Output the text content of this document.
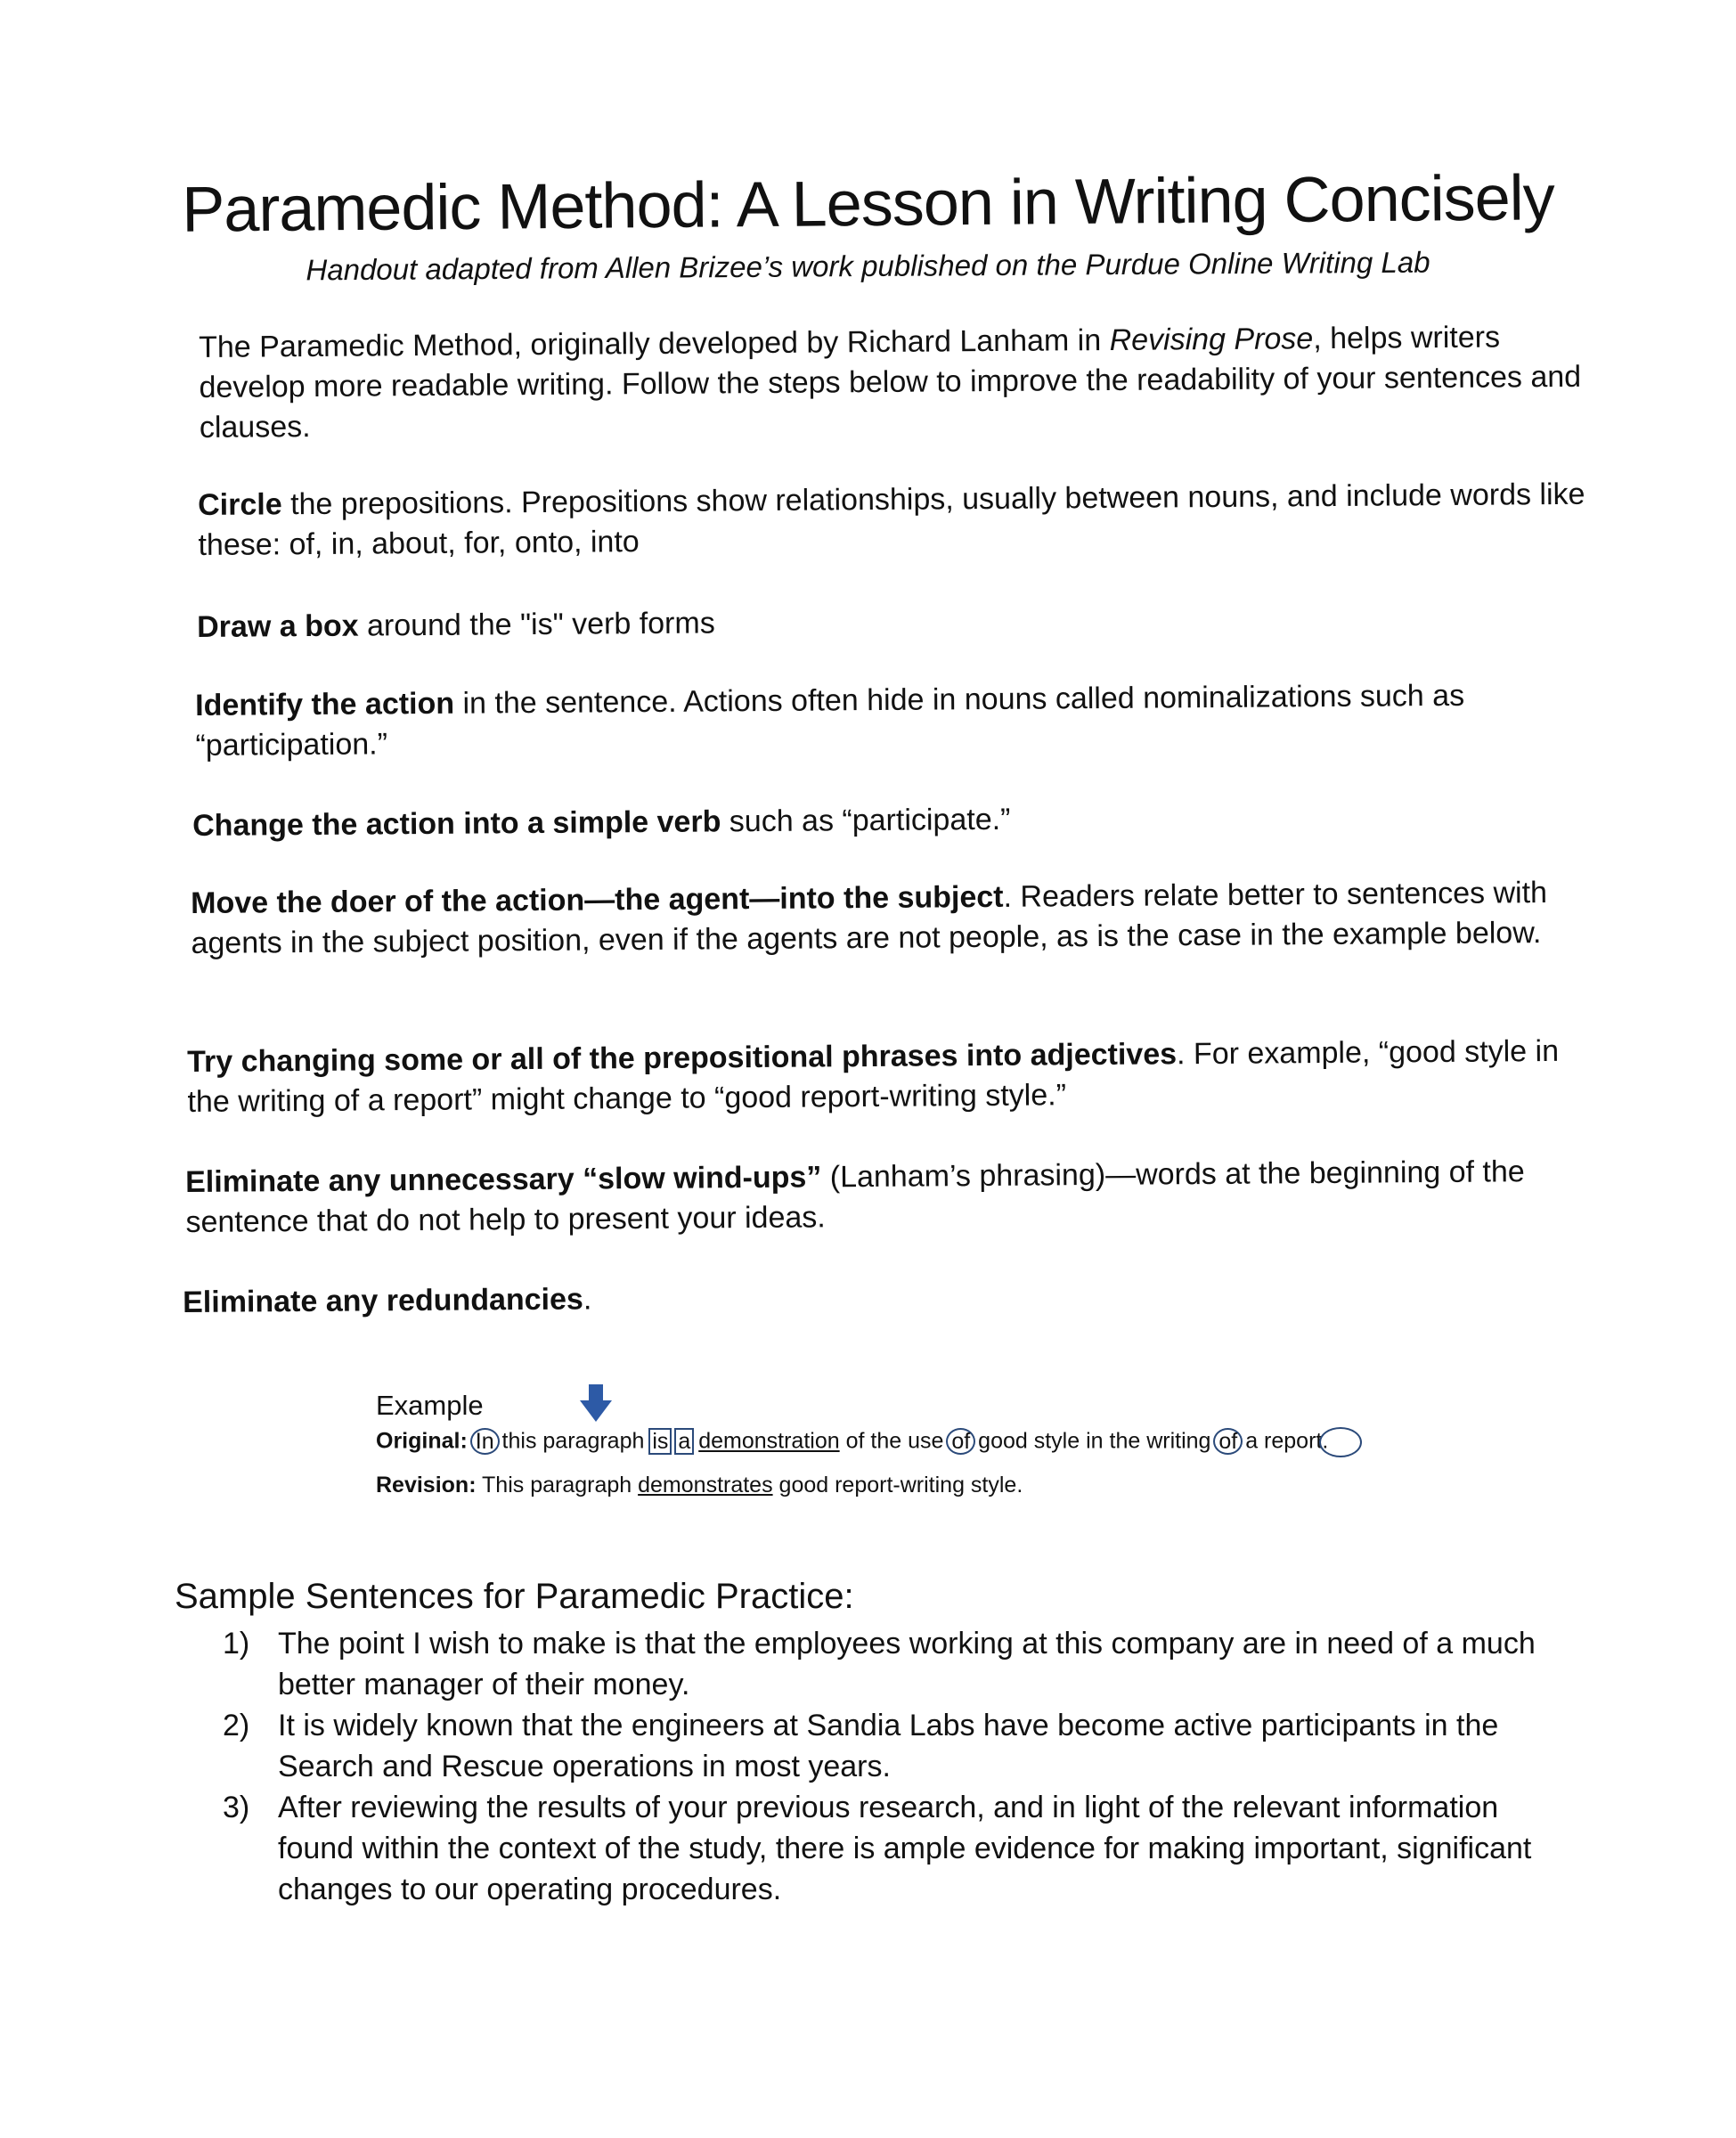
Paramedic Method: A Lesson in Writing Concisely

Handout adapted from Allen Brizee’s work published on the Purdue Online Writing Lab

The Paramedic Method, originally developed by Richard Lanham in Revising Prose, helps writers develop more readable writing. Follow the steps below to improve the readability of your sentences and clauses.

Circle the prepositions. Prepositions show relationships, usually between nouns, and include words like these: of, in, about, for, onto, into

Draw a box around the "is" verb forms

Identify the action in the sentence. Actions often hide in nouns called nominalizations such as “participation.”

Change the action into a simple verb such as “participate.”

Move the doer of the action—the agent—into the subject. Readers relate better to sentences with agents in the subject position, even if the agents are not people, as is the case in the example below.

Try changing some or all of the prepositional phrases into adjectives. For example, “good style in the writing of a report” might change to “good report-writing style.”

Eliminate any unnecessary “slow wind-ups” (Lanham’s phrasing)—words at the beginning of the sentence that do not help to present your ideas.

Eliminate any redundancies.

Example
Original: In this paragraph is a demonstration of the use of good style in the writing of a report.
Revision: This paragraph demonstrates good report-writing style.
Sample Sentences for Paramedic Practice:
1) The point I wish to make is that the employees working at this company are in need of a much better manager of their money.
2) It is widely known that the engineers at Sandia Labs have become active participants in the Search and Rescue operations in most years.
3) After reviewing the results of your previous research, and in light of the relevant information found within the context of the study, there is ample evidence for making important, significant changes to our operating procedures.
